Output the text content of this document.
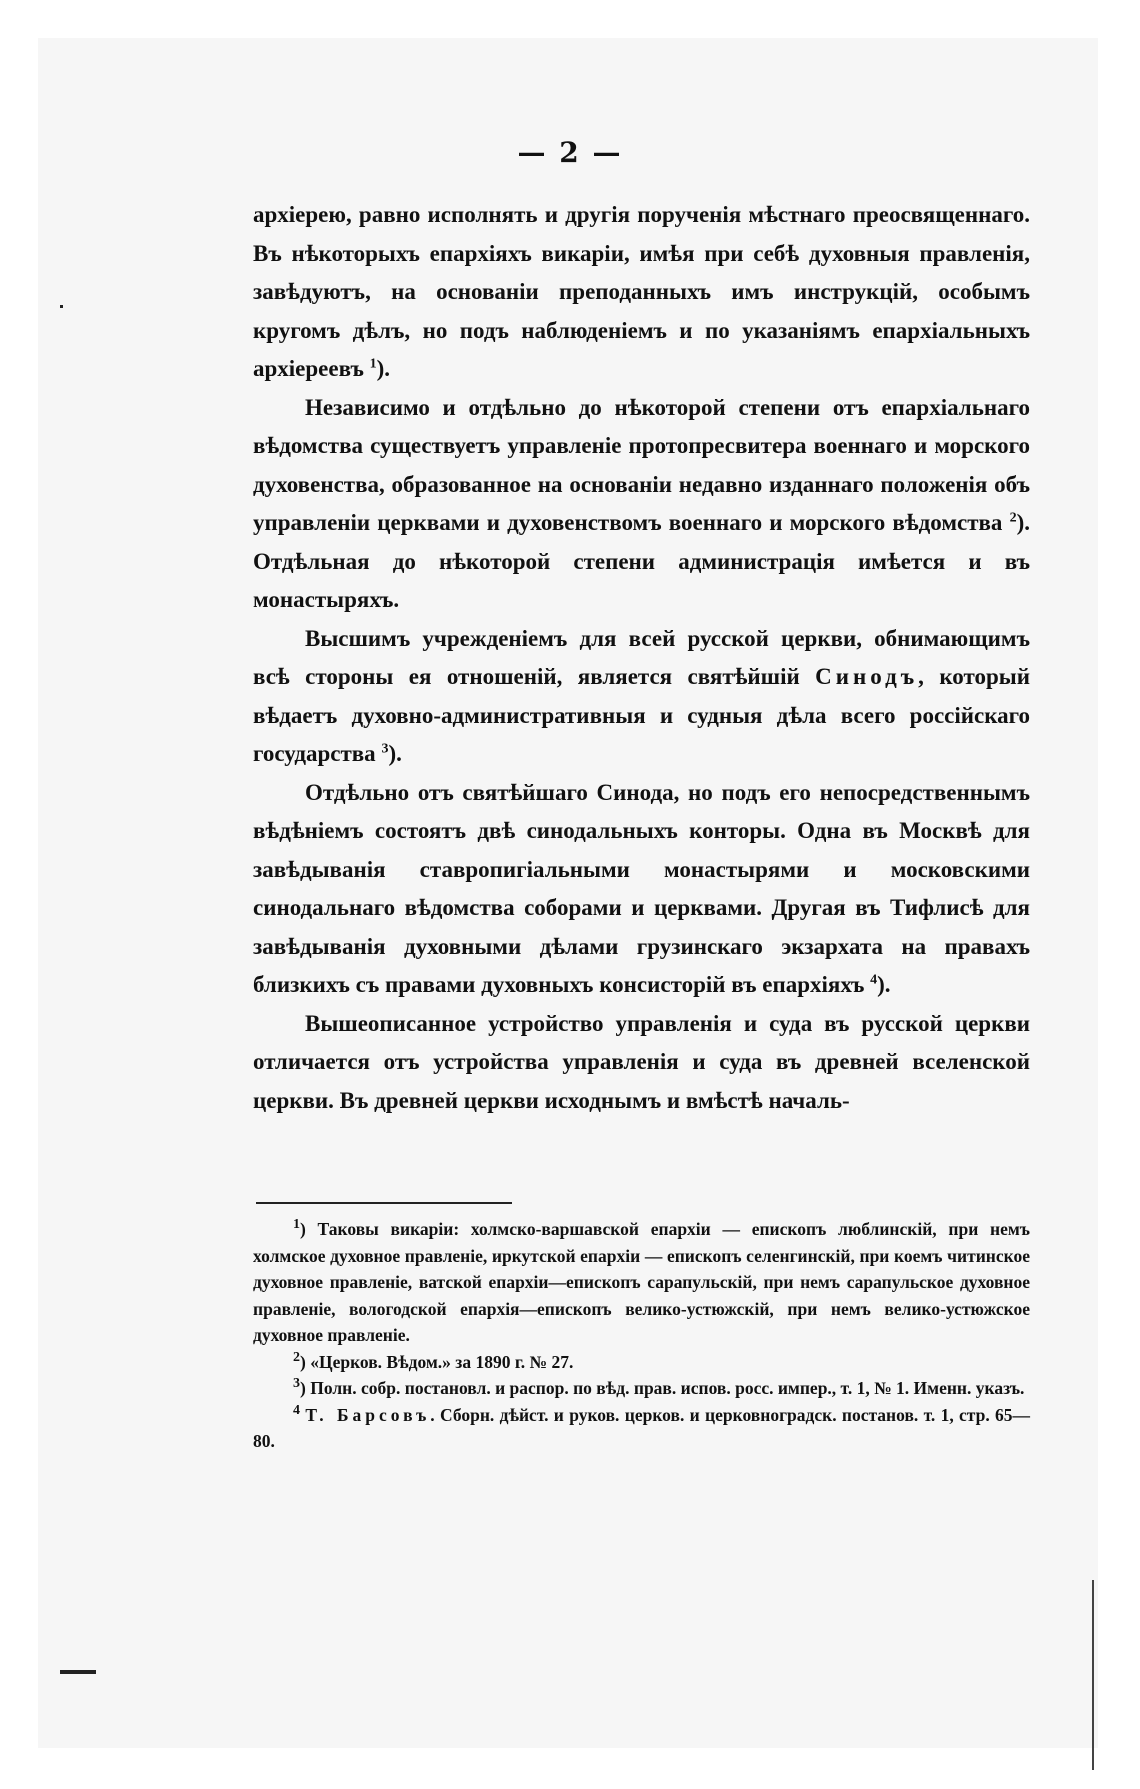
— 2 —

архіерею, равно исполнять и другія порученія мѣстнаго преосвященнаго. Въ нѣкоторыхъ епархіяхъ викаріи, имѣя при себѣ духовныя правленія, завѣдуютъ, на основаніи преподанныхъ имъ инструкцій, особымъ кругомъ дѣлъ, но подъ наблюденіемъ и по указаніямъ епархіальныхъ архіереевъ $^1$).

Независимо и отдѣльно до нѣкоторой степени отъ епархіальнаго вѣдомства существуетъ управленіе протопресвитера военнаго и морского духовенства, образованное на основаніи недавно изданнаго положенія объ управленіи церквами и духовенствомъ военнаго и морского вѣдомства $^2$). Отдѣльная до нѣкоторой степени администрація имѣется и въ монастыряхъ.

Высшимъ учрежденіемъ для всей русской церкви, обнимающимъ всѣ стороны ея отношеній, является святѣйшій Синодъ, который вѣдаетъ духовно-административныя и судныя дѣла всего россійскаго государства $^3$).

Отдѣльно отъ святѣйшаго Синода, но подъ его непосредственнымъ вѣдѣніемъ состоятъ двѣ синодальныхъ конторы. Одна въ Москвѣ для завѣдыванія ставропигіальными монастырями и московскими синодальнаго вѣдомства соборами и церквами. Другая въ Тифлисѣ для завѣдыванія духовными дѣлами грузинскаго экзархата на правахъ близкихъ съ правами духовныхъ консисторій въ епархіяхъ $^4$).

Вышеописанное устройство управленія и суда въ русской церкви отличается отъ устройства управленія и суда въ древней вселенской церкви. Въ древней церкви исходнымъ и вмѣстѣ началь-

$^1$) Таковы викаріи: холмско-варшавской епархіи — епископъ люблинскій, при немъ холмское духовное правленіе, иркутской епархіи — епископъ селенгинскій, при коемъ читинское духовное правленіе, ватской епархіи—епископъ сарапульскій, при немъ сарапульское духовное правленіе, вологодской епархія—епископъ велико-устюжскій, при немъ велико-устюжское духовное правленіе.

$^2$) «Церков. Вѣдом.» за 1890 г. № 27.

$^3$) Полн. собр. постановл. и распор. по вѣд. прав. испов. росс. импер., т. 1, № 1. Именн. указъ.

$^4$ Т. Барсовъ. Сборн. дѣйст. и руков. церков. и церковноградск. постанов. т. 1, стр. 65—80.
